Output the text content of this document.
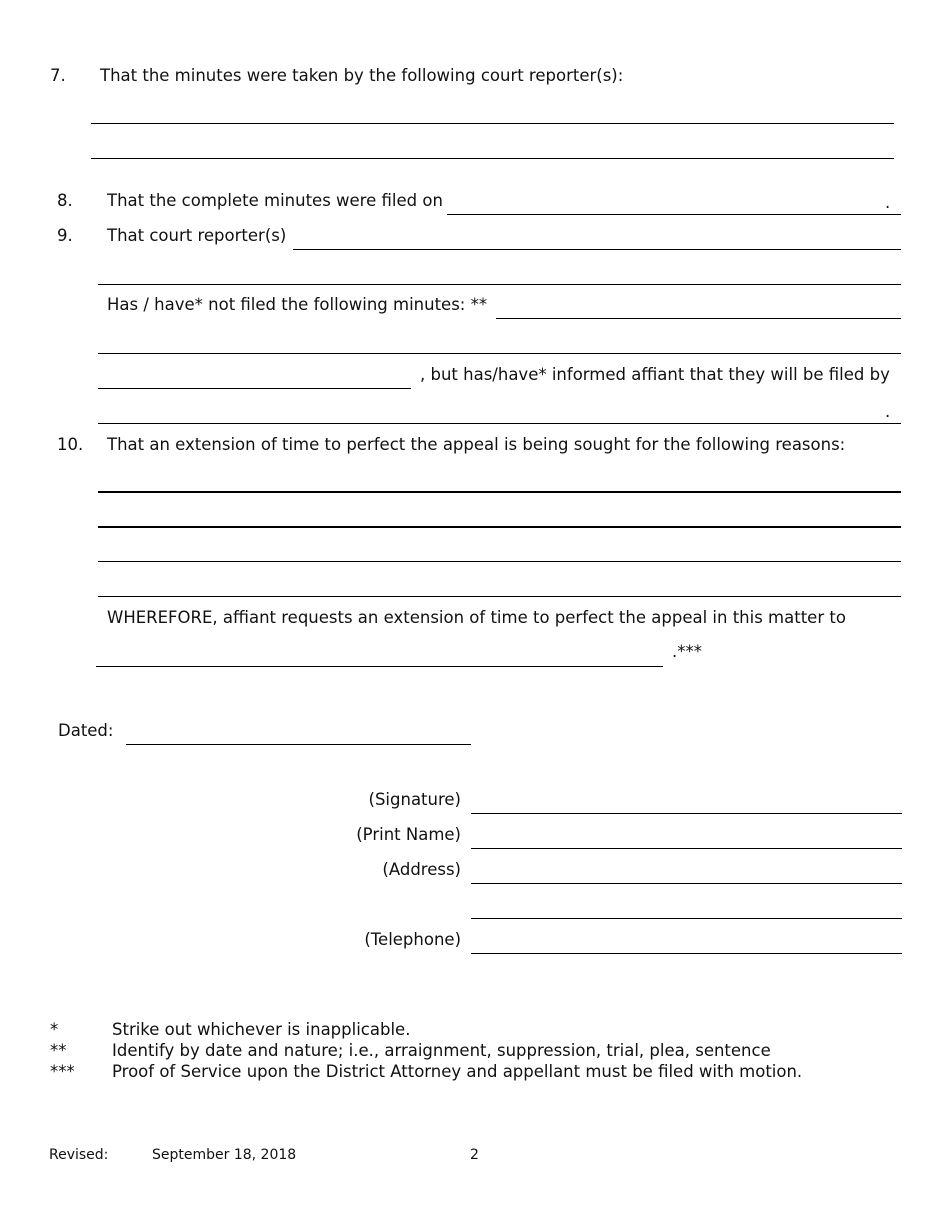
7. That the minutes were taken by the following court reporter(s):
8. That the complete minutes were filed on	.
9. That court reporter(s)
Has / have* not filed the following minutes: **
, but has/have* informed affiant that they will be filed by
.
10. That an extension of time to perfect the appeal is being sought for the following reasons:
WHEREFORE, affiant requests an extension of time to perfect the appeal in this matter to
.***
Dated:
(Signature)
(Print Name)
(Address)
(Telephone)
*	Strike out whichever is inapplicable.
**	Identify by date and nature; i.e., arraignment, suppression, trial, plea, sentence
*** Proof of Service upon the District Attorney and appellant must be filed with motion.
Revised:	September 18, 2018	2
